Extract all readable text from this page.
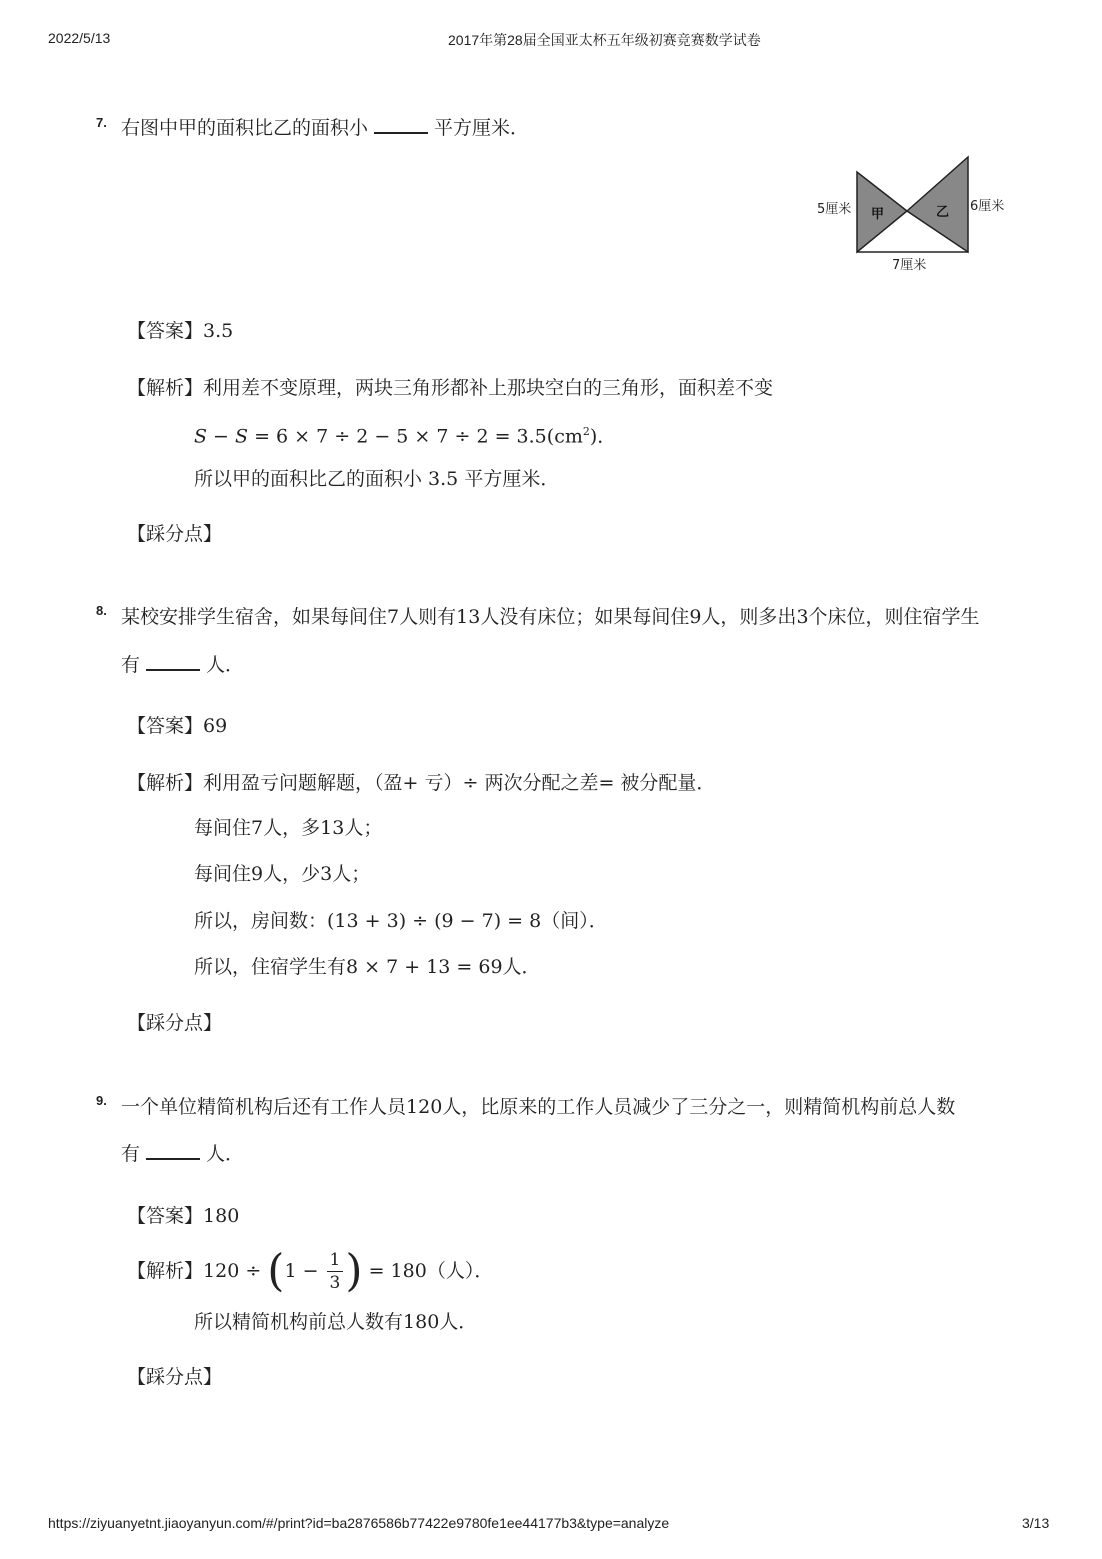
2022/5/13	2017年第28届全国亚太杯五年级初赛竞赛数学试卷
7. 右图中甲的面积比乙的面积小	平方厘米．
5厘米	6厘米
7厘米
甲	乙
【答案】3.5
【解析】利用差不变原理，两块三角形都补上那块空白的三角形，面积差不变
$S - S = 6 \times 7 \div 2 - 5 \times 7 \div 2 = 3.5(cm^2)$．
所以甲的面积比乙的面积小 3.5 平方厘米．
【踩分点】
8. 某校安排学生宿舍，如果每间住7人则有13人没有床位；如果每间住9人，则多出3个床位，则住宿学生
有	人．
【答案】69
【解析】利用盈亏问题解题，（盈+ 亏）÷ 两次分配之差= 被分配量．
每间住7人，多13人；
每间住9人，少3人；
所以，房间数：(13 + 3) ÷ (9 − 7) = 8（间）．
所以，住宿学生有8 × 7 + 13 = 69人．
【踩分点】
9. 一个单位精简机构后还有工作人员120人，比原来的工作人员减少了三分之一，则精简机构前总人数
有	人．
【答案】180
【解析】$120 \div (1 - \frac{1}{3}$ ) = 180（人）．
所以精简机构前总人数有180人．
【踩分点】
https://ziyuanyetnt.jiaoyanyun.com/#/print?id=ba2876586b77422e9780fe1ee44177b3&type=analyze	3/13
